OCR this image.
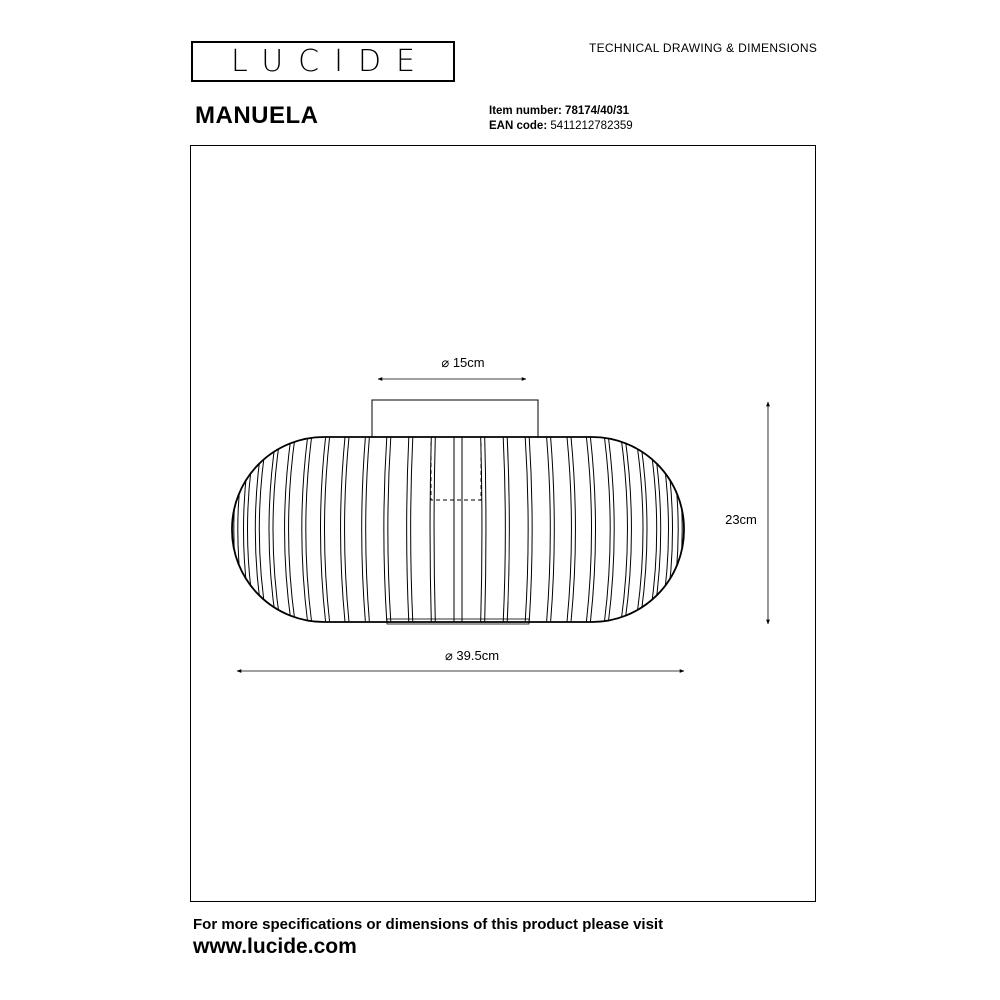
LUCIDE	TECHNICAL DRAWING & DIMENSIONS
MANUELA	Item number: 78174/40/31
EAN code: 5411212782359
⌀ 15cm
23cm
⌀ 39.5cm
For more specifications or dimensions of this product please visit
www.lucide.com
